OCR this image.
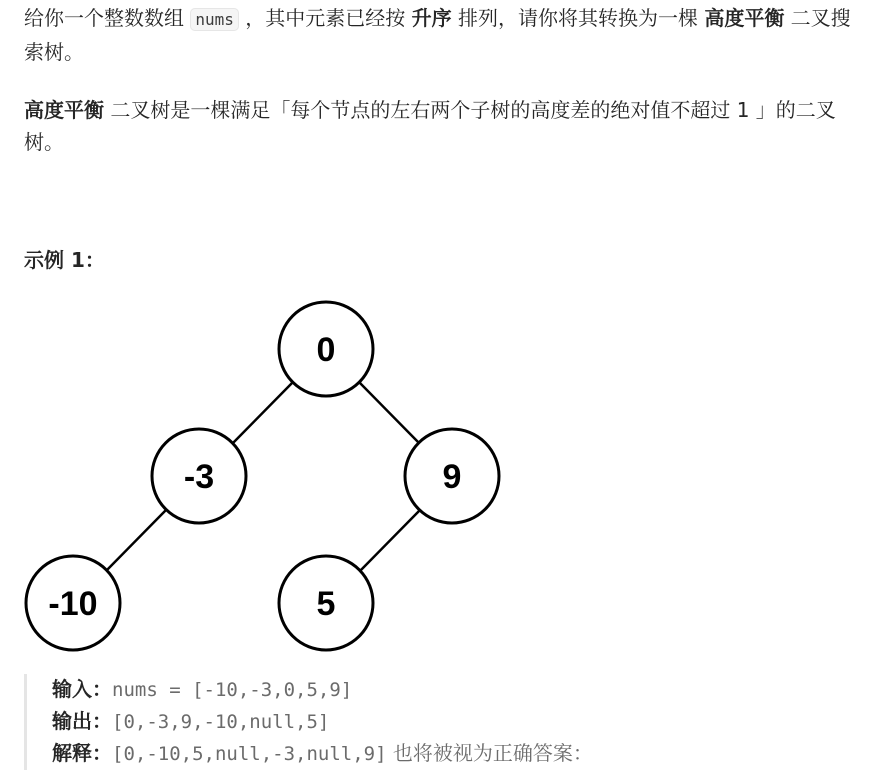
给你一个整数数组 nums ，其中元素已经按 升序 排列，请你将其转换为一棵 高度平衡 二叉搜索树。

高度平衡 二叉树是一棵满足「每个节点的左右两个子树的高度差的绝对值不超过 1 」的二叉树。

示例 1：
0
-3	9
-10	5
输入：nums = [-10,-3,0,5,9]
输出：[0,-3,9,-10,null,5]
解释：[0,-10,5,null,-3,null,9] 也将被视为正确答案：
